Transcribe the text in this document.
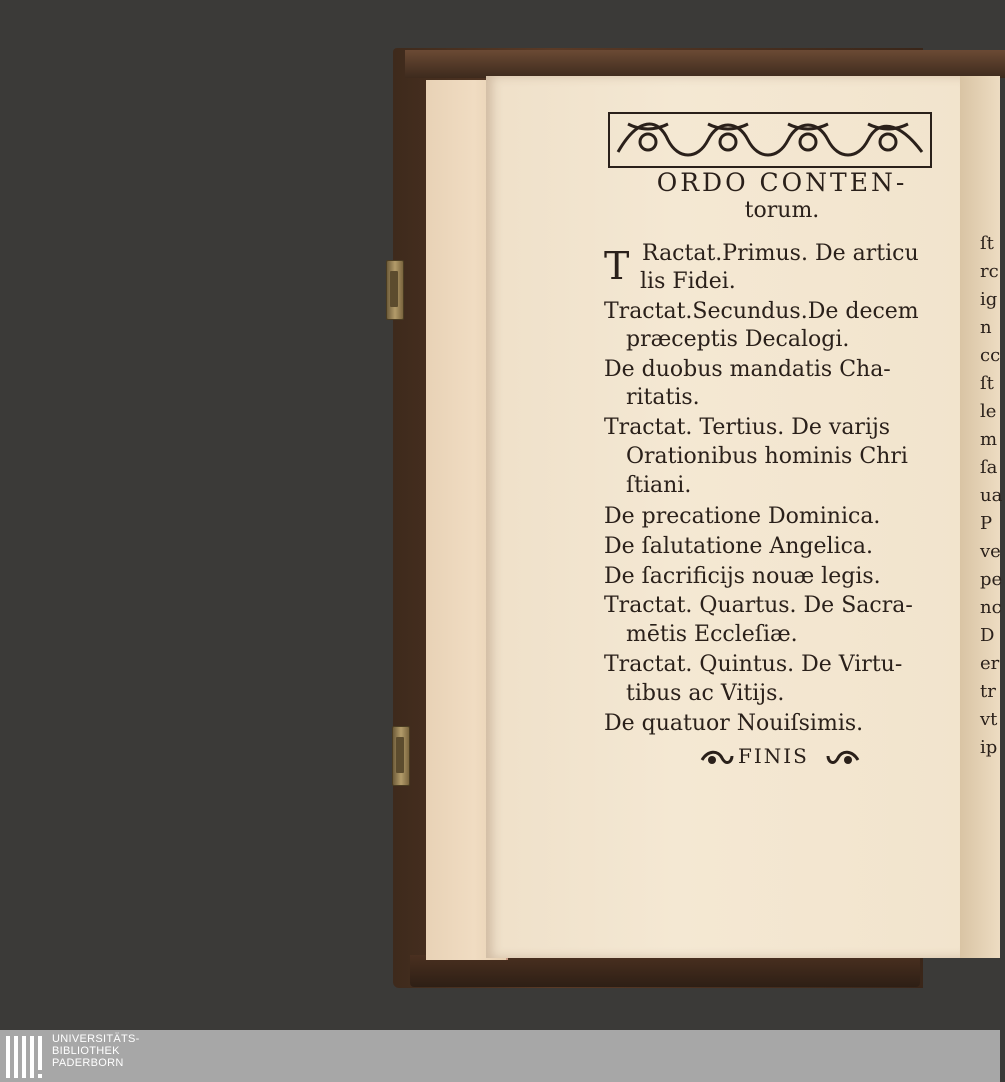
ORDO CONTEN-
torum.
T Ractat.Primus. De articu
lis Fidei.
Tractat.Secundus.De decem
præceptis Decalogi.
De duobus mandatis Cha-
ritatis.
Tractat. Tertius. De varijs
Orationibus hominis Chri
ſtiani.
De precatione Dominica.
De ſalutatione Angelica.
De ſacrificijs nouæ legis.
Tractat. Quartus. De Sacra-
mētis Eccleſiæ.
Tractat. Quintus. De Virtu-
tibus ac Vitijs.
De quatuor Nouiſsimis.
FINIS
ſt
rc
ig
n
cc
ſt
le
m
ſa
ua
P
ve
pe
nc
D
er
tr
vt
ip
UNIVERSITÄTS-
BIBLIOTHEK
PADERBORN
